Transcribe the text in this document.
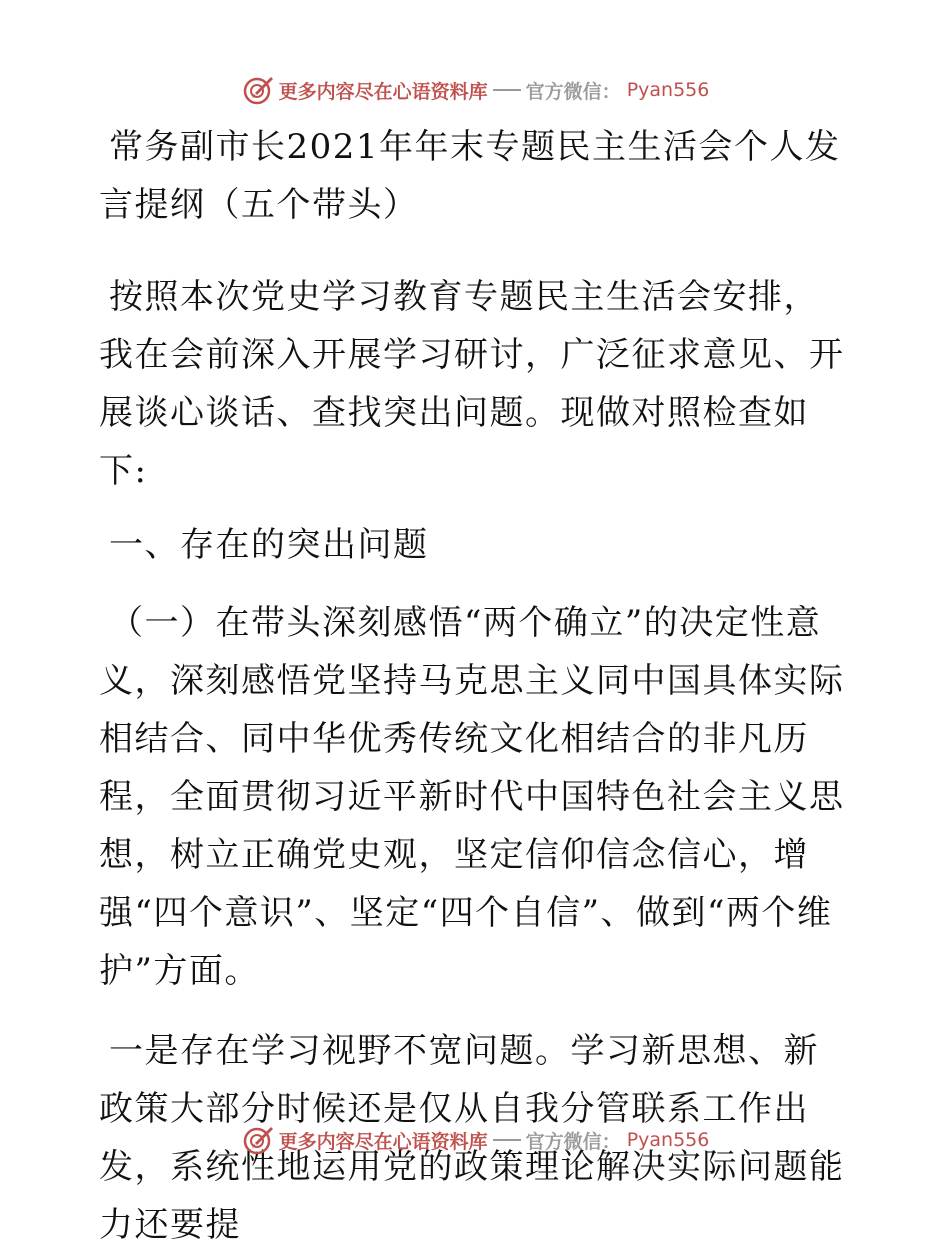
更多内容尽在心语资料库 官方微信： Pyan556
常务副市长2021年年末专题民主生活会个人发言提纲（五个带头）

按照本次党史学习教育专题民主生活会安排，我在会前深入开展学习研讨，广泛征求意见、开展谈心谈话、查找突出问题。现做对照检查如下:

一、存在的突出问题

（一）在带头深刻感悟“两个确立”的决定性意义，深刻感悟党坚持马克思主义同中国具体实际相结合、同中华优秀传统文化相结合的非凡历程，全面贯彻习近平新时代中国特色社会主义思想，树立正确党史观，坚定信仰信念信心，增强“四个意识”、坚定“四个自信”、做到“两个维护”方面。

一是存在学习视野不宽问题。学习新思想、新政策大部分时候还是仅从自我分管联系工作出发，系统性地运用党的政策理论解决实际问题能力还要提

更多内容尽在心语资料库 官方微信： Pyan556
